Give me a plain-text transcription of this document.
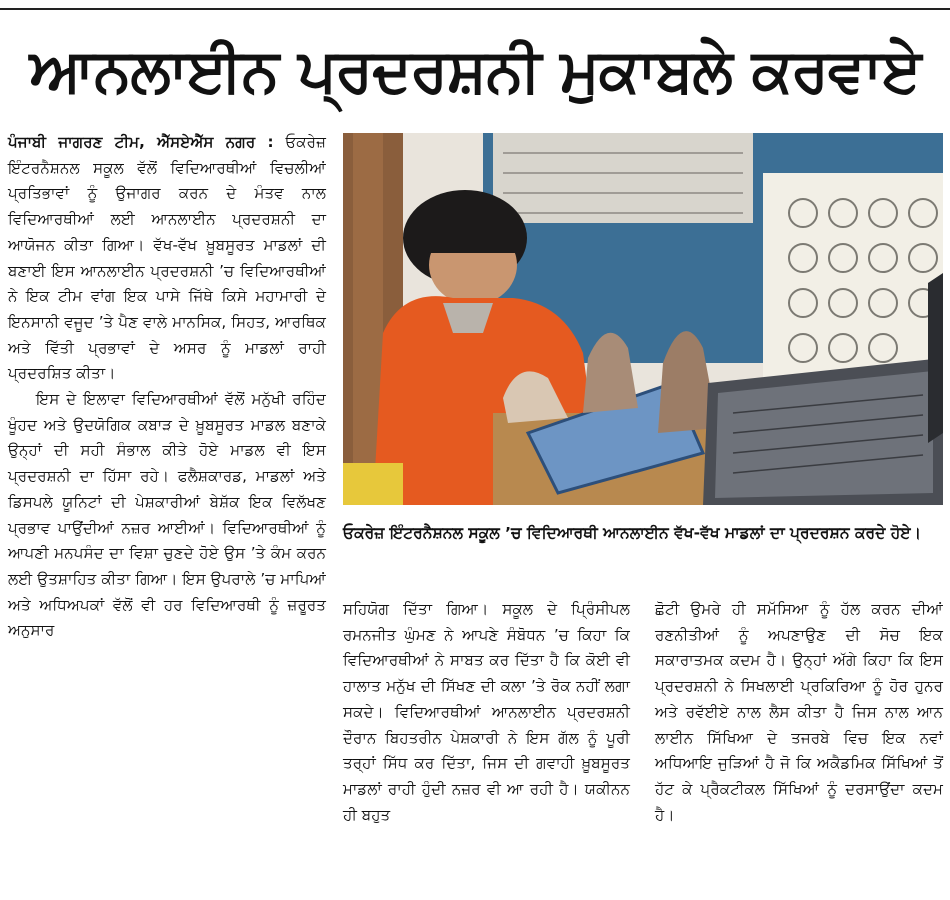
ਆਨਲਾਈਨ ਪ੍ਰਦਰਸ਼ਨੀ ਮੁਕਾਬਲੇ ਕਰਵਾਏ

ਪੰਜਾਬੀ ਜਾਗਰਣ ਟੀਮ, ਐੱਸਏਐੱਸ ਨਗਰ : ਓਕਰੇਜ਼ ਇੰਟਰਨੈਸ਼ਨਲ ਸਕੂਲ ਵੱਲੋਂ ਵਿਦਿਆਰਥੀਆਂ ਵਿਚਲੀਆਂ ਪ੍ਰਤਿਭਾਵਾਂ ਨੂੰ ਉਜਾਗਰ ਕਰਨ ਦੇ ਮੰਤਵ ਨਾਲ ਵਿਦਿਆਰਥੀਆਂ ਲਈ ਆਨਲਾਈਨ ਪ੍ਰਦਰਸ਼ਨੀ ਦਾ ਆਯੋਜਨ ਕੀਤਾ ਗਿਆ। ਵੱਖ-ਵੱਖ ਖ਼ੂਬਸੂਰਤ ਮਾਡਲਾਂ ਦੀ ਬਣਾਈ ਇਸ ਆਨਲਾਈਨ ਪ੍ਰਦਰਸ਼ਨੀ ’ਚ ਵਿਦਿਆਰਥੀਆਂ ਨੇ ਇਕ ਟੀਮ ਵਾਂਗ ਇਕ ਪਾਸੇ ਜਿੱਥੇ ਕਿਸੇ ਮਹਾਮਾਰੀ ਦੇ ਇਨਸਾਨੀ ਵਜੂਦ ’ਤੇ ਪੈਣ ਵਾਲੇ ਮਾਨਸਿਕ, ਸਿਹਤ, ਆਰਥਿਕ ਅਤੇ ਵਿੱਤੀ ਪ੍ਰਭਾਵਾਂ ਦੇ ਅਸਰ ਨੂੰ ਮਾਡਲਾਂ ਰਾਹੀ ਪ੍ਰਦਰਸ਼ਿਤ ਕੀਤਾ।

ਇਸ ਦੇ ਇਲਾਵਾ ਵਿਦਿਆਰਥੀਆਂ ਵੱਲੋਂ ਮਨੁੱਖੀ ਰਹਿੰਦ ਖੂੰਹਦ ਅਤੇ ਉਦਯੋਗਿਕ ਕਬਾੜ ਦੇ ਖ਼ੂਬਸੂਰਤ ਮਾਡਲ ਬਣਾਕੇ ਉਨ੍ਹਾਂ ਦੀ ਸਹੀ ਸੰਭਾਲ ਕੀਤੇ ਹੋਏ ਮਾਡਲ ਵੀ ਇਸ ਪ੍ਰਦਰਸ਼ਨੀ ਦਾ ਹਿੱਸਾ ਰਹੇ। ਫਲੈਸ਼ਕਾਰਡ, ਮਾਡਲਾਂ ਅਤੇ ਡਿਸਪਲੇ ਯੂਨਿਟਾਂ ਦੀ ਪੇਸ਼ਕਾਰੀਆਂ ਬੇਸ਼ੱਕ ਇਕ ਵਿਲੱਖਣ ਪ੍ਰਭਾਵ ਪਾਉਂਦੀਆਂ ਨਜ਼ਰ ਆਈਆਂ। ਵਿਦਿਆਰਥੀਆਂ ਨੂੰ ਆਪਣੀ ਮਨਪਸੰਦ ਦਾ ਵਿਸ਼ਾ ਚੁਣਦੇ ਹੋਏ ਉਸ ’ਤੇ ਕੰਮ ਕਰਨ ਲਈ ਉਤਸ਼ਾਹਿਤ ਕੀਤਾ ਗਿਆ। ਇਸ ਉਪਰਾਲੇ ’ਚ ਮਾਪਿਆਂ ਅਤੇ ਅਧਿਅਪਕਾਂ ਵੱਲੋਂ ਵੀ ਹਰ ਵਿਦਿਆਰਥੀ ਨੂੰ ਜ਼ਰੂਰਤ ਅਨੁਸਾਰ

ਓਕਰੇਜ਼ ਇੰਟਰਨੈਸ਼ਨਲ ਸਕੂਲ ’ਚ ਵਿਦਿਆਰਥੀ ਆਨਲਾਈਨ ਵੱਖ-ਵੱਖ ਮਾਡਲਾਂ ਦਾ ਪ੍ਰਦਰਸ਼ਨ ਕਰਦੇ ਹੋਏ।

ਸਹਿਯੋਗ ਦਿੱਤਾ ਗਿਆ। ਸਕੂਲ ਦੇ ਪ੍ਰਿੰਸੀਪਲ ਰਮਨਜੀਤ ਘੁੰਮਣ ਨੇ ਆਪਣੇ ਸੰਬੋਧਨ ’ਚ ਕਿਹਾ ਕਿ ਵਿਦਿਆਰਥੀਆਂ ਨੇ ਸਾਬਤ ਕਰ ਦਿੱਤਾ ਹੈ ਕਿ ਕੋਈ ਵੀ ਹਾਲਾਤ ਮਨੁੱਖ ਦੀ ਸਿੱਖਣ ਦੀ ਕਲਾ ’ਤੇ ਰੋਕ ਨਹੀਂ ਲਗਾ ਸਕਦੇ। ਵਿਦਿਆਰਥੀਆਂ ਆਨਲਾਈਨ ਪ੍ਰਦਰਸ਼ਨੀ ਦੌਰਾਨ ਬਿਹਤਰੀਨ ਪੇਸ਼ਕਾਰੀ ਨੇ ਇਸ ਗੱਲ ਨੂੰ ਪੂਰੀ ਤਰ੍ਹਾਂ ਸਿੱਧ ਕਰ ਦਿੱਤਾ, ਜਿਸ ਦੀ ਗਵਾਹੀ ਖ਼ੂਬਸੂਰਤ ਮਾਡਲਾਂ ਰਾਹੀ ਹੁੰਦੀ ਨਜ਼ਰ ਵੀ ਆ ਰਹੀ ਹੈ। ਯਕੀਨਨ ਹੀ ਬਹੁਤ

ਛੋਟੀ ਉਮਰੇ ਹੀ ਸਮੱਸਿਆ ਨੂੰ ਹੱਲ ਕਰਨ ਦੀਆਂ ਰਣਨੀਤੀਆਂ ਨੂੰ ਅਪਣਾਉਣ ਦੀ ਸੋਚ ਇਕ ਸਕਾਰਾਤਮਕ ਕਦਮ ਹੈ। ਉਨ੍ਹਾਂ ਅੱਗੇ ਕਿਹਾ ਕਿ ਇਸ ਪ੍ਰਦਰਸ਼ਨੀ ਨੇ ਸਿਖਲਾਈ ਪ੍ਰਕਿਰਿਆ ਨੂੰ ਹੋਰ ਹੁਨਰ ਅਤੇ ਰਵੱਈਏ ਨਾਲ ਲੈਸ ਕੀਤਾ ਹੈ ਜਿਸ ਨਾਲ ਆਨ ਲਾਈਨ ਸਿੱਖਿਆ ਦੇ ਤਜਰਬੇ ਵਿਚ ਇਕ ਨਵਾਂ ਅਧਿਆਇ ਜੁੜਿਆਂ ਹੈ ਜੋ ਕਿ ਅਕੈਡਮਿਕ ਸਿੱਖਿਆਂ ਤੋਂ ਹੱਟ ਕੇ ਪ੍ਰੈਕਟੀਕਲ ਸਿੱਖਿਆਂ ਨੂੰ ਦਰਸਾਉਂਦਾ ਕਦਮ ਹੈ।
